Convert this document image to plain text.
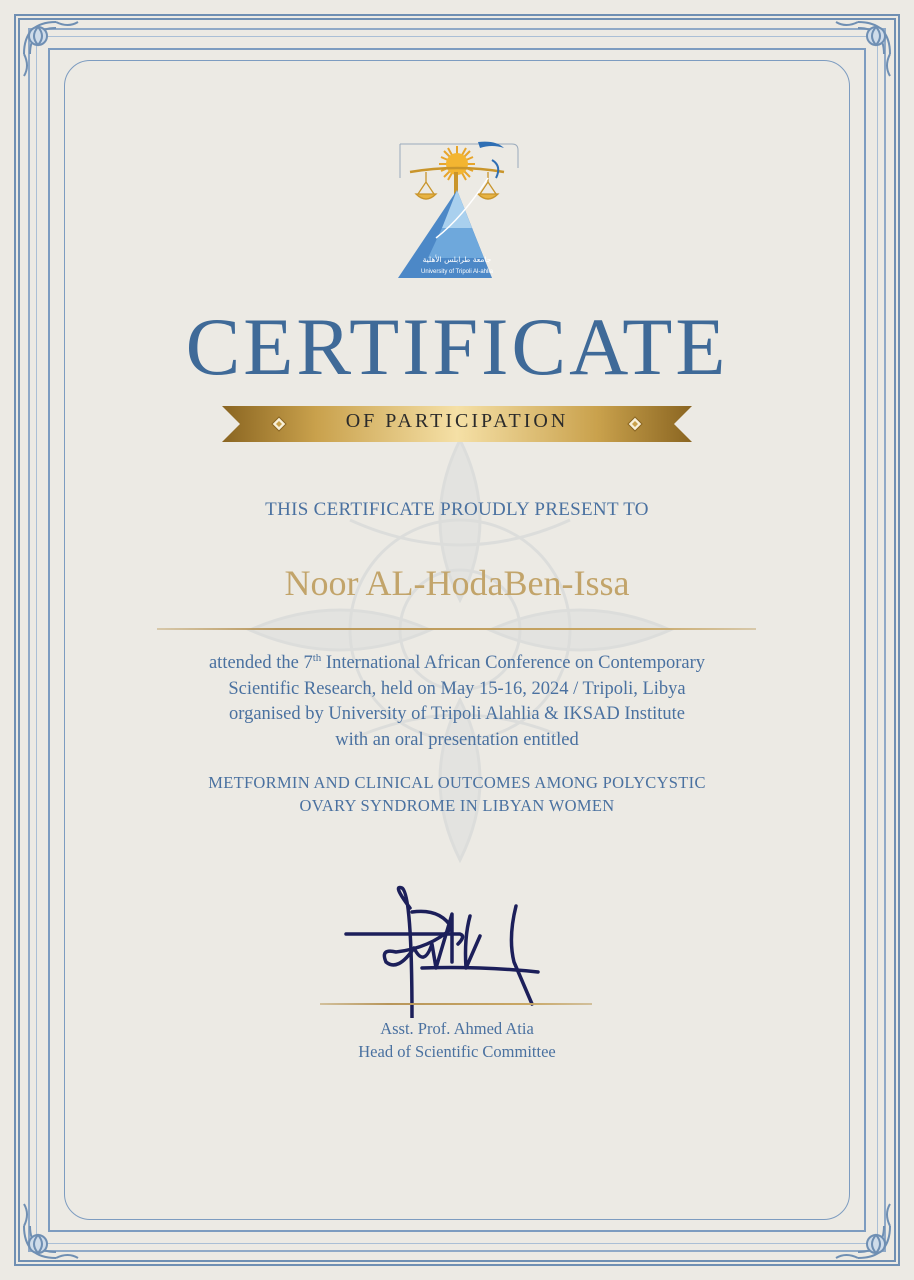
جامعة طرابلس الأهلية
University of Tripoli Al-ahlia
CERTIFICATE
OF PARTICIPATION
THIS CERTIFICATE PROUDLY PRESENT TO
Noor AL-HodaBen-Issa
attended the 7th International African Conference on Contemporary
Scientific Research, held on May 15-16, 2024 / Tripoli, Libya
organised by University of Tripoli Alahlia & IKSAD Institute
with an oral presentation entitled
METFORMIN AND CLINICAL OUTCOMES AMONG POLYCYSTIC
OVARY SYNDROME IN LIBYAN WOMEN
Asst. Prof. Ahmed Atia
Head of Scientific Committee
